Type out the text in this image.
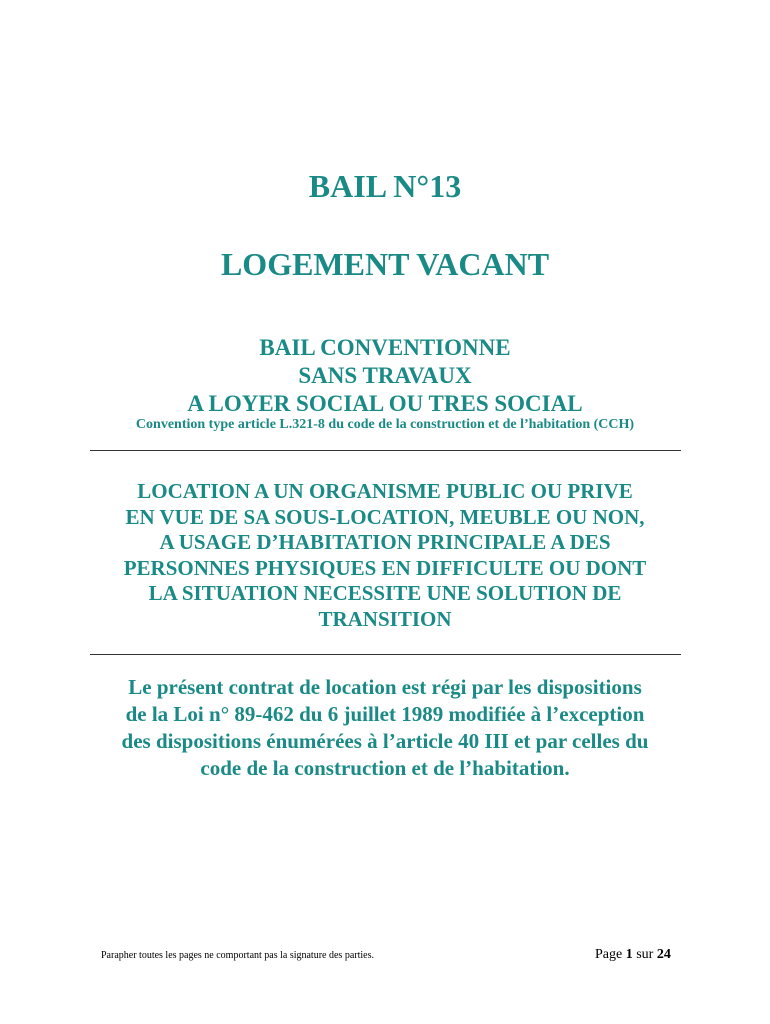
BAIL N°13
LOGEMENT VACANT
BAIL CONVENTIONNE
SANS TRAVAUX
A LOYER SOCIAL OU TRES SOCIAL
Convention type article L.321-8 du code de la construction et de l’habitation (CCH)
LOCATION A UN ORGANISME PUBLIC OU PRIVE
EN VUE DE SA SOUS-LOCATION, MEUBLE OU NON,
A USAGE D’HABITATION PRINCIPALE A DES
PERSONNES PHYSIQUES EN DIFFICULTE OU DONT
LA SITUATION NECESSITE UNE SOLUTION DE
TRANSITION
Le présent contrat de location est régi par les dispositions
de la Loi n° 89-462 du 6 juillet 1989 modifiée à l’exception
des dispositions énumérées à l’article 40 III et par celles du
code de la construction et de l’habitation.
Parapher toutes les pages ne comportant pas la signature des parties.	Page 1 sur 24
